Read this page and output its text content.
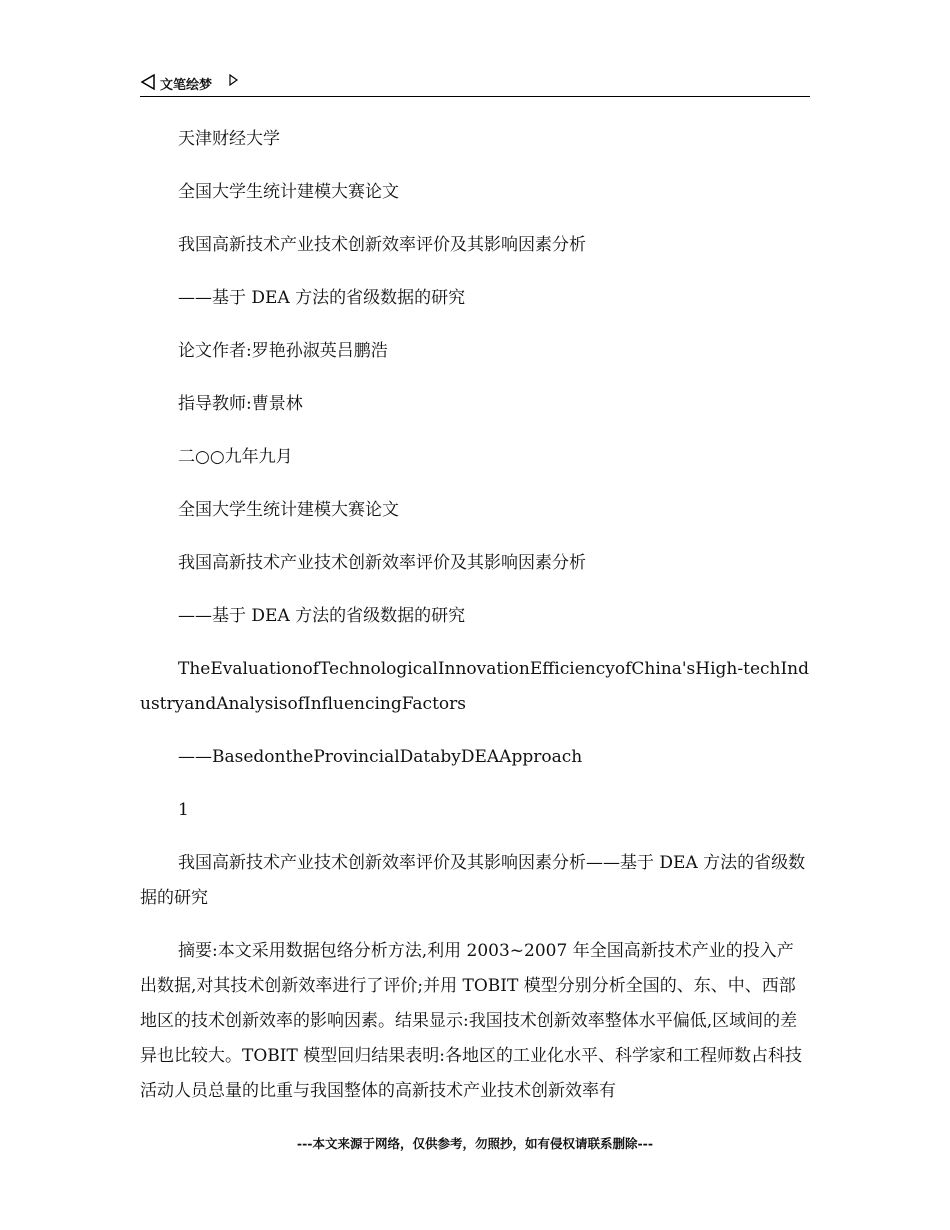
文笔绘梦

天津财经大学

全国大学生统计建模大赛论文

我国高新技术产业技术创新效率评价及其影响因素分析

——基于 DEA 方法的省级数据的研究

论文作者:罗艳孙淑英吕鹏浩

指导教师:曹景林

二○○九年九月

全国大学生统计建模大赛论文

我国高新技术产业技术创新效率评价及其影响因素分析

——基于 DEA 方法的省级数据的研究

TheEvaluationofTechnologicalInnovationEfficiencyofChina'sHigh-techIndustryandAnalysisofInfluencingFactors

——BasedontheProvincialDatabyDEAApproach

1

我国高新技术产业技术创新效率评价及其影响因素分析——基于 DEA 方法的省级数据的研究

摘要:本文采用数据包络分析方法,利用 2003~2007 年全国高新技术产业的投入产出数据,对其技术创新效率进行了评价;并用 TOBIT 模型分别分析全国的、东、中、西部地区的技术创新效率的影响因素。结果显示:我国技术创新效率整体水平偏低,区域间的差异也比较大。TOBIT 模型回归结果表明:各地区的工业化水平、科学家和工程师数占科技活动人员总量的比重与我国整体的高新技术产业技术创新效率有

---本文来源于网络，仅供参考，勿照抄，如有侵权请联系删除---
